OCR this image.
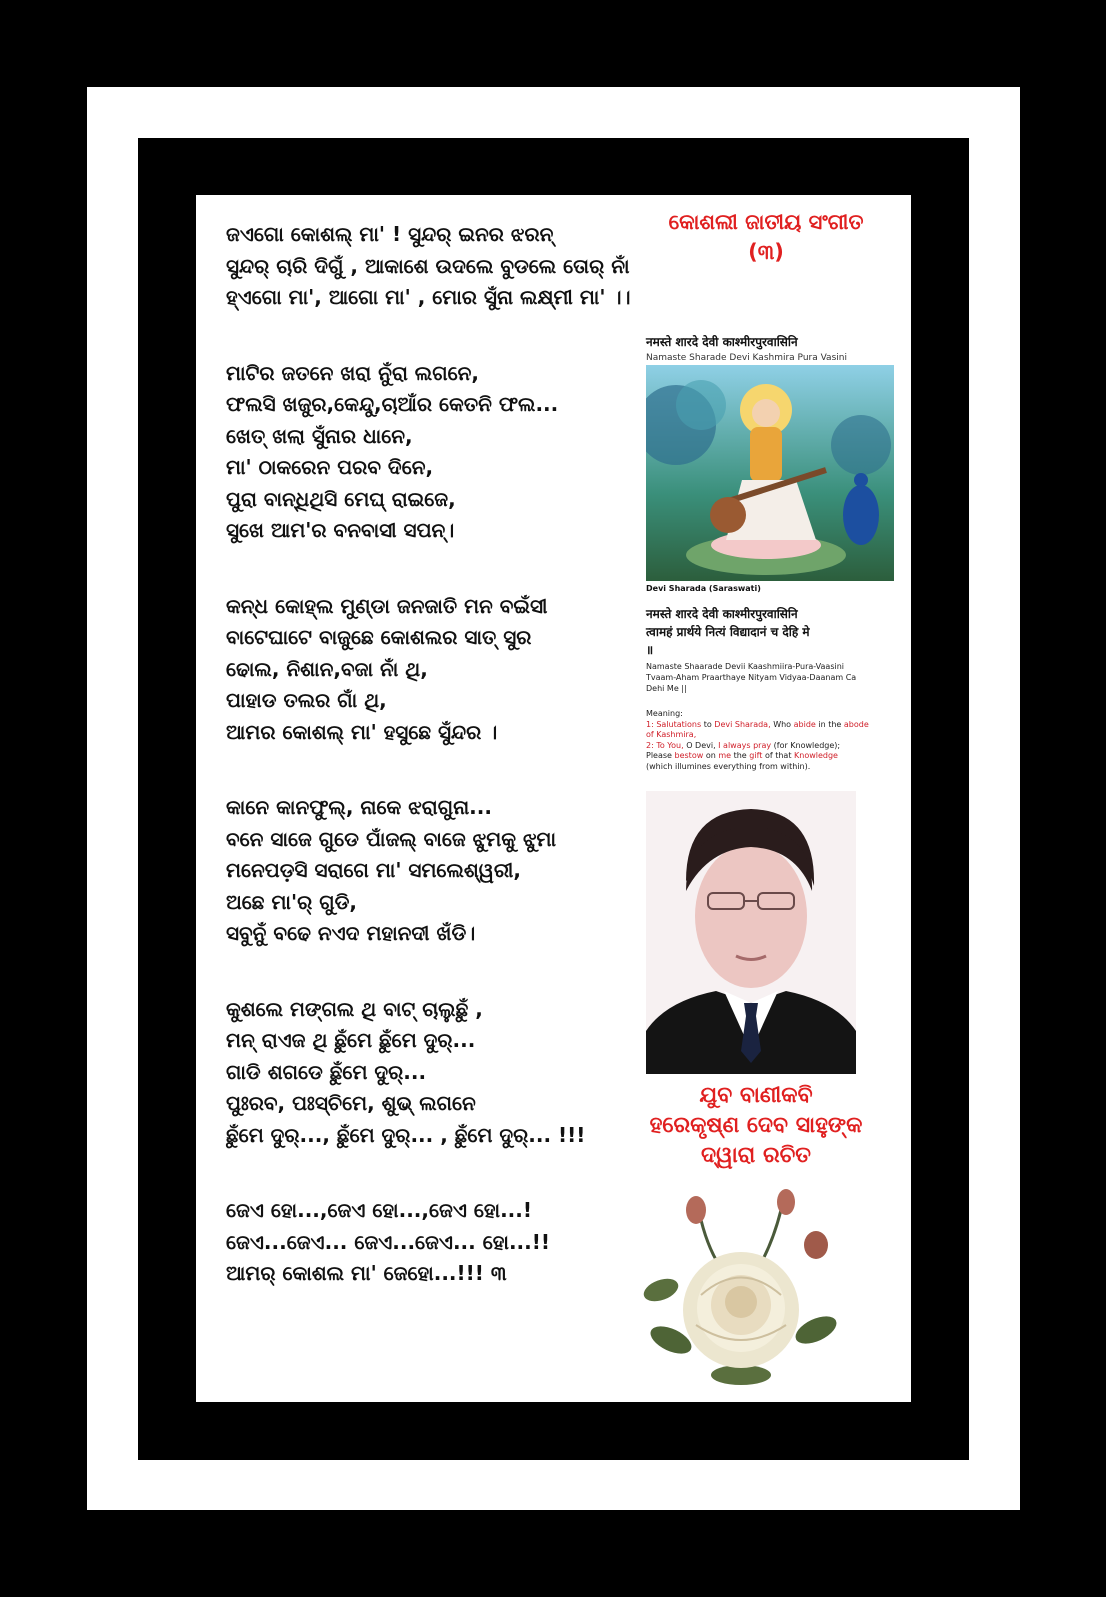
କୋଶଲୀ ଜାତୀୟ ସଂଗୀତ
(୩)
ଜଏଗୋ କୋଶଲ୍ ମା' ! ସୁନ୍ଦର୍ ଇନର ଝରନ୍
ସୁନ୍ଦର୍ ଚାରି ଦିଗୁଁ , ଆକାଶେ ଉଦଲେ ବୁଡଲେ ତୋର୍ ନାଁ
ହ୍ଏଗୋ ମା', ଆଗୋ ମା' , ମୋର ସୁଁନା ଲକ୍ଷ୍ମୀ ମା' ।।
ମାଟିର ଜତନେ ଖରା ନୁଁରା ଲଗନେ,
ଫଲସି ଖଜୁର,କେନ୍ଦୁ,ଚାଆଁର କେତନି ଫଲ...
ଖେତ୍ ଖଲା ସୁଁନାର ଧାନେ,
ମା' ଠାକରେନ ପରବ ଦିନେ,
ପୁରା ବାନ୍ଧିଥିସି ମେଘ୍ ରାଇଜେ,
ସୁଖେ ଆମ'ର ବନବାସୀ ସପନ୍।
କନ୍ଧ କୋହ୍ଲ ମୁଣ୍ଡା ଜନଜାତି ମନ ବଇଁସୀ
ବାଟେଘାଟେ ବାଜୁଛେ କୋଶଲର ସାତ୍ ସୁର
ଢୋଲ, ନିଶାନ,ବଜା ନାଁ ଥି,
ପାହାଡ ତଲର ଗାଁ ଥି,
ଆମର କୋଶଲ୍ ମା' ହସୁଛେ ସୁଁନ୍ଦର ।
କାନେ କାନଫୁଲ୍, ନାକେ ଝରାଗୁନା...
ବନେ ସାଜେ ଗୁଡେ ପାଁଜଲ୍ ବାଜେ ଝୁମକୁ ଝୁମା
ମନେପଡ଼ସି ସରାଗେ ମା' ସମଲେଶ୍ୱରୀ,
ଅଛେ ମା'ର୍ ଗୁଡି,
ସବୁନୁଁ ବଢେ ନଏଦ ମହାନଦୀ ଖଁଡି।
କୁଶଲେ ମଙ୍ଗଲ ଥି ବାଟ୍ ଚାଲୁଛୁଁ ,
ମନ୍ ରାଏଜ ଥି ଛୁଁମେ ଛୁଁମେ ଦୁର୍...
ଗାଡି ଶଗଡେ ଛୁଁମେ ଦୁର୍...
ପୁଃରବ, ପଃସ୍ଚିମେ, ଶୁଭ୍ ଲଗନେ
ଛୁଁମେ ଦୁର୍..., ଛୁଁମେ ଦୁର୍... , ଛୁଁମେ ଦୁର୍... !!!
ଜେଏ ହୋ...,ଜେଏ ହୋ...,ଜେଏ ହୋ...!
ଜେଏ...ଜେଏ... ଜେଏ...ଜେଏ... ହୋ...!!
ଆମର୍ କୋଶଲ ମା' ଜେହୋ...!!! ୩
नमस्ते शारदे देवी काश्मीरपुरवासिनि
Namaste Sharade Devi Kashmira Pura Vasini
Devi Sharada (Saraswati)
नमस्ते शारदे देवी काश्मीरपुरवासिनि
त्वामहं प्रार्थये नित्यं विद्यादानं च देहि मे
॥
Namaste Shaarade Devii Kaashmiira-Pura-Vaasini
Tvaam-Aham Praarthaye Nityam Vidyaa-Daanam Ca
Dehi Me ||
Meaning:
1: Salutations to Devi Sharada, Who abide in the abode
of Kashmira,
2: To You, O Devi, I always pray (for Knowledge);
Please bestow on me the gift of that Knowledge
(which illumines everything from within).
ଯୁବ ବାଣୀକବି
ହରେକୃଷ୍ଣ ଦେବ ସାହୁଙ୍କ
ଦ୍ୱାରା ରଚିତ
